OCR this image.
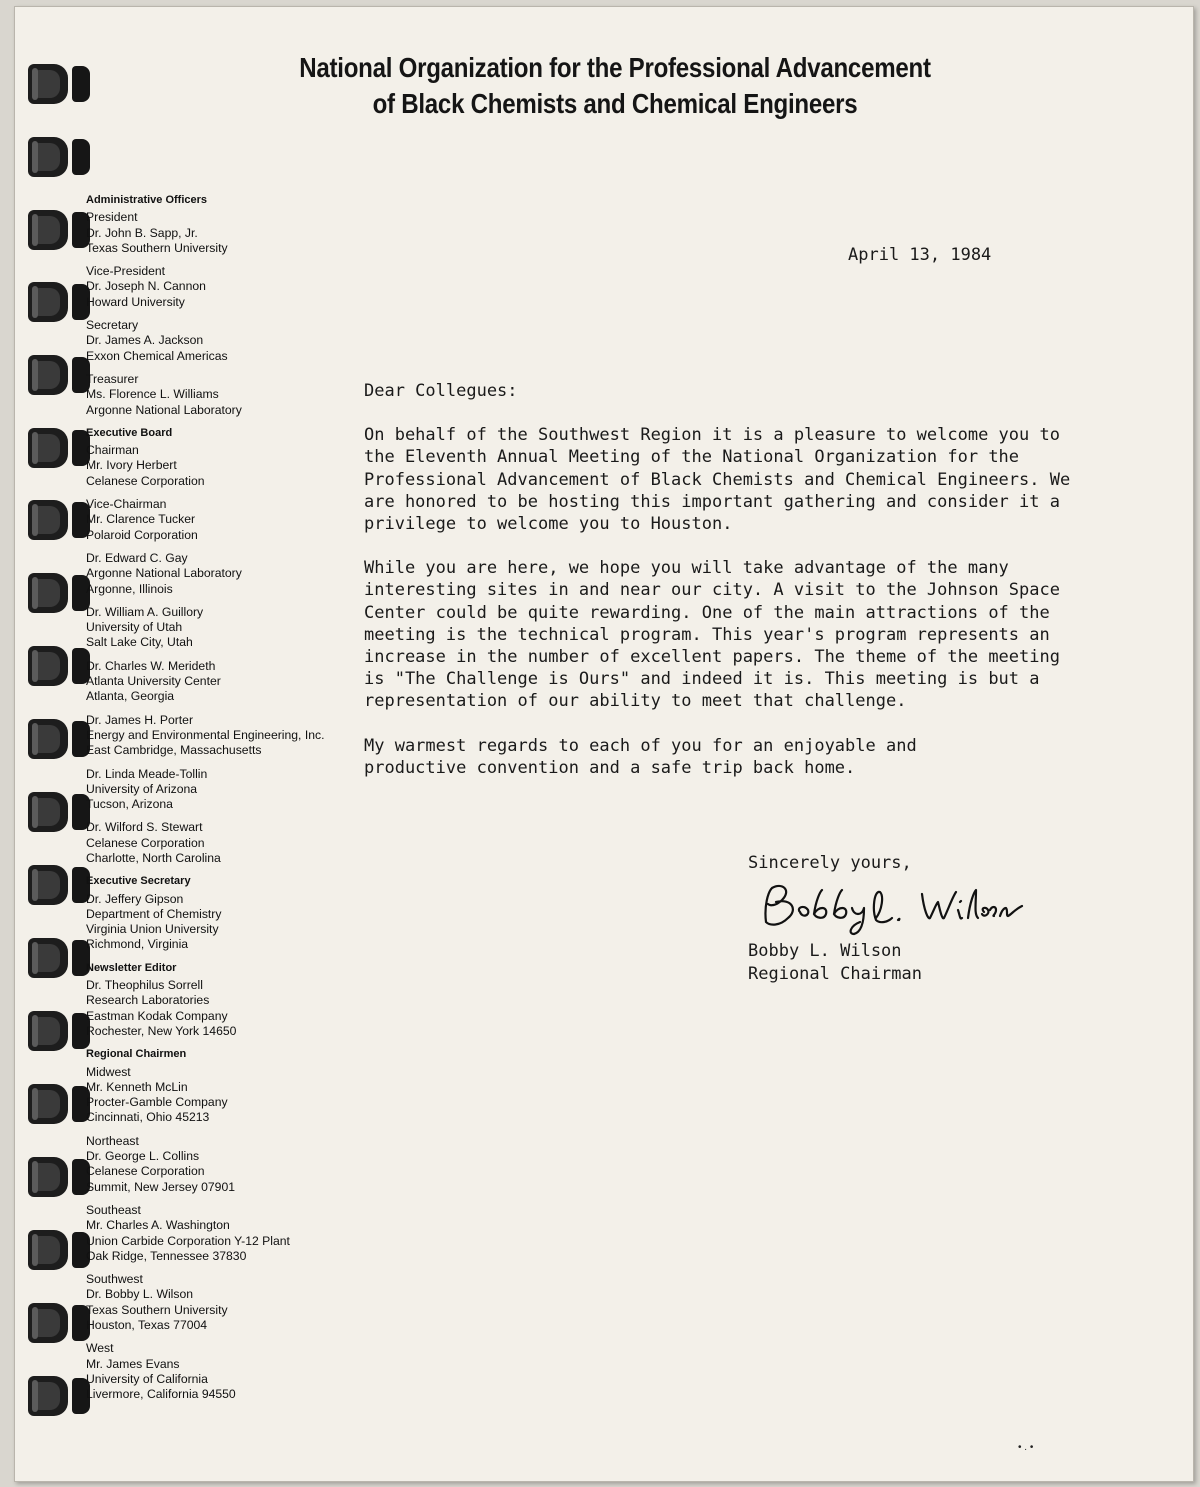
National Organization for the Professional Advancement
of Black Chemists and Chemical Engineers
Administrative Officers
President
Dr. John B. Sapp, Jr.
Texas Southern University
Vice-President
Dr. Joseph N. Cannon
Howard University
Secretary
Dr. James A. Jackson
Exxon Chemical Americas
Treasurer
Ms. Florence L. Williams
Argonne National Laboratory
Executive Board
Chairman
Mr. Ivory Herbert
Celanese Corporation
Vice-Chairman
Mr. Clarence Tucker
Polaroid Corporation
Dr. Edward C. Gay
Argonne National Laboratory
Argonne, Illinois
Dr. William A. Guillory
University of Utah
Salt Lake City, Utah
Dr. Charles W. Merideth
Atlanta University Center
Atlanta, Georgia
Dr. James H. Porter
Energy and Environmental Engineering, Inc.
East Cambridge, Massachusetts
Dr. Linda Meade-Tollin
University of Arizona
Tucson, Arizona
Dr. Wilford S. Stewart
Celanese Corporation
Charlotte, North Carolina
Executive Secretary
Dr. Jeffery Gipson
Department of Chemistry
Virginia Union University
Richmond, Virginia
Newsletter Editor
Dr. Theophilus Sorrell
Research Laboratories
Eastman Kodak Company
Rochester, New York 14650
Regional Chairmen
Midwest
Mr. Kenneth McLin
Procter-Gamble Company
Cincinnati, Ohio 45213
Northeast
Dr. George L. Collins
Celanese Corporation
Summit, New Jersey 07901
Southeast
Mr. Charles A. Washington
Union Carbide Corporation Y-12 Plant
Oak Ridge, Tennessee 37830
Southwest
Dr. Bobby L. Wilson
Texas Southern University
Houston, Texas 77004
West
Mr. James Evans
University of California
Livermore, California 94550
April 13, 1984

Dear Collegues:

On behalf of the Southwest Region it is a pleasure to welcome you to the Eleventh Annual Meeting of the National Organization for the Professional Advancement of Black Chemists and Chemical Engineers. We are honored to be hosting this important gathering and consider it a privilege to welcome you to Houston.

While you are here, we hope you will take advantage of the many interesting sites in and near our city. A visit to the Johnson Space Center could be quite rewarding. One of the main attractions of the meeting is the technical program. This year's program represents an increase in the number of excellent papers. The theme of the meeting is "The Challenge is Ours" and indeed it is. This meeting is but a representation of our ability to meet that challenge.

My warmest regards to each of you for an enjoyable and productive convention and a safe trip back home.

Sincerely yours,
Bobby L. Wilson
Regional Chairman
• . •
